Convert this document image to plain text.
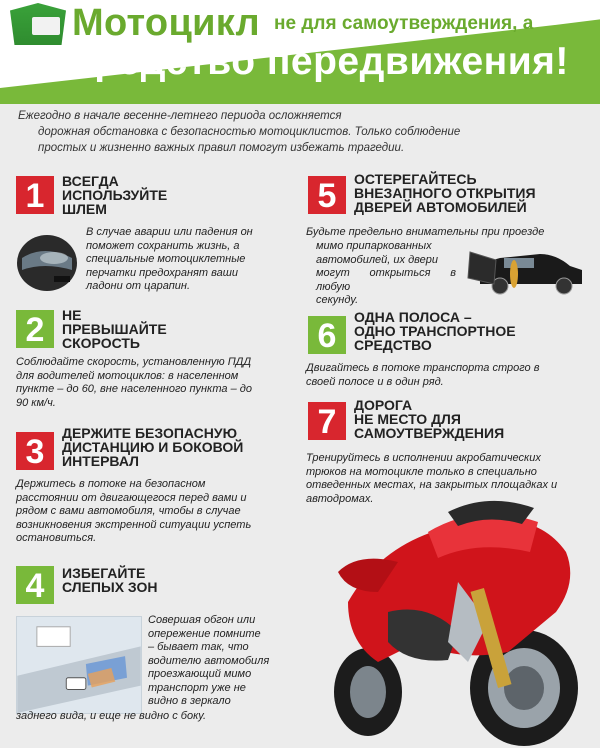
Мотоцикл не для самоутверждения, а
средство передвижения!
Ежегодно в начале весенне-летнего периода осложняется
дорожная обстановка с безопасностью мотоциклистов. Только соблюдение
простых и жизненно важных правил помогут избежать трагедии.
1	ВСЕГДА
ИСПОЛЬЗУЙТЕ
ШЛЕМ
В случае аварии или падения он
поможет сохранить жизнь, а
специальные мотоциклетные
перчатки предохранят ваши
ладони от царапин.
2	НЕ
ПРЕВЫШАЙТЕ
СКОРОСТЬ
Соблюдайте скорость, установленную ПДД
для водителей мотоциклов: в населенном
пункте – до 60, вне населенного пункта – до
90 км/ч.
3	ДЕРЖИТЕ БЕЗОПАСНУЮ
ДИСТАНЦИЮ И БОКОВОЙ
ИНТЕРВАЛ
Держитесь в потоке на безопасном
расстоянии от двигающегося перед вами и
рядом с вами автомобиля, чтобы в случае
возникновения экстренной ситуации успеть
остановиться.
4	ИЗБЕГАЙТЕ
СЛЕПЫХ ЗОН
Совершая обгон или
опережение помните
– бывает так, что
водителю автомобиля
проезжающий мимо
транспорт уже не
видно в зеркало
заднего вида, и еще не видно с боку.
5	ОСТЕРЕГАЙТЕСЬ
ВНЕЗАПНОГО ОТКРЫТИЯ
ДВЕРЕЙ АВТОМОБИЛЕЙ
Будьте предельно внимательны при проезде
мимо припаркованных
автомобилей, их двери
могут открыться в любую
секунду.
6	ОДНА ПОЛОСА –
ОДНО ТРАНСПОРТНОЕ
СРЕДСТВО
Двигайтесь в потоке транспорта строго в
своей полосе и в один ряд.
7	ДОРОГА
НЕ МЕСТО ДЛЯ
САМОУТВЕРЖДЕНИЯ
Тренируйтесь в исполнении акробатических
трюков на мотоцикле только в специально
отведенных местах, на закрытых площадках и
автодромах.
